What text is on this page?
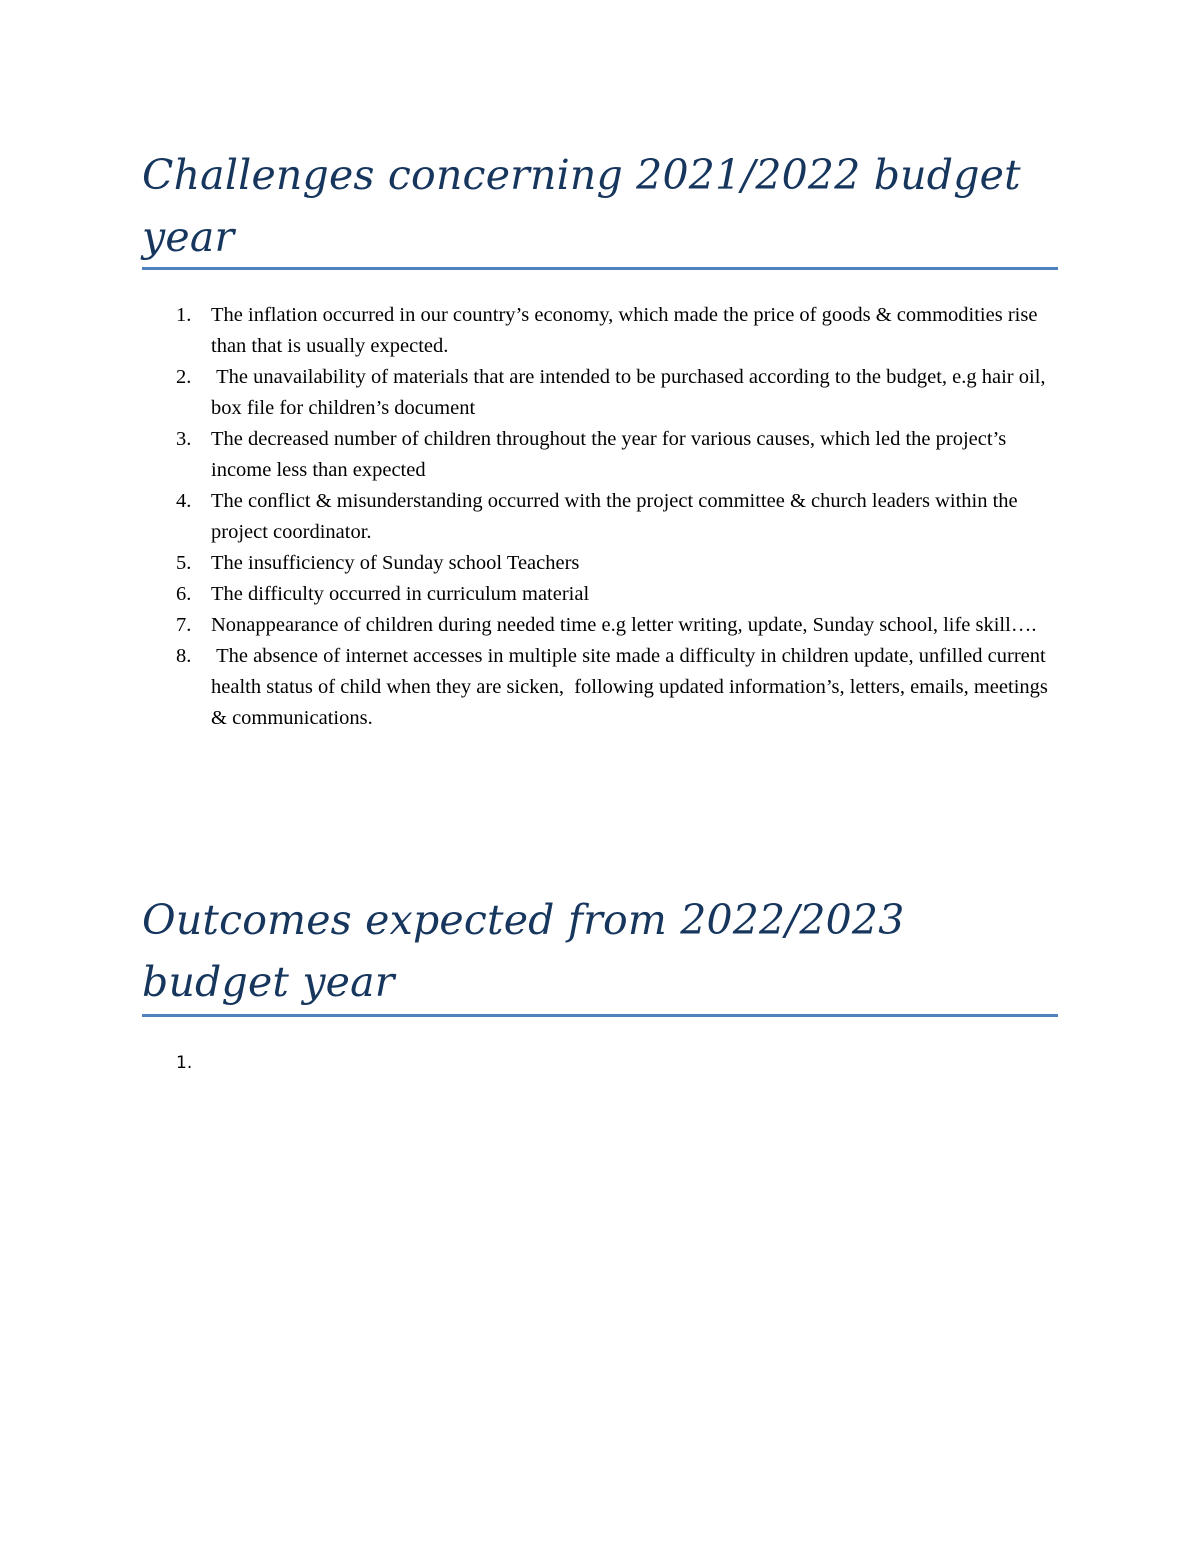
Challenges concerning 2021/2022 budget year
1. The inflation occurred in our country’s economy, which made the price of goods & commodities rise than that is usually expected.
2. The unavailability of materials that are intended to be purchased according to the budget, e.g hair oil, box file for children’s document
3. The decreased number of children throughout the year for various causes, which led the project’s income less than expected
4. The conflict & misunderstanding occurred with the project committee & church leaders within the project coordinator.
5. The insufficiency of Sunday school Teachers
6. The difficulty occurred in curriculum material
7. Nonappearance of children during needed time e.g letter writing, update, Sunday school, life skill….
8. The absence of internet accesses in multiple site made a difficulty in children update, unfilled current health status of child when they are sicken,  following updated information’s, letters, emails, meetings & communications.
Outcomes expected from 2022/2023 budget year
1.
